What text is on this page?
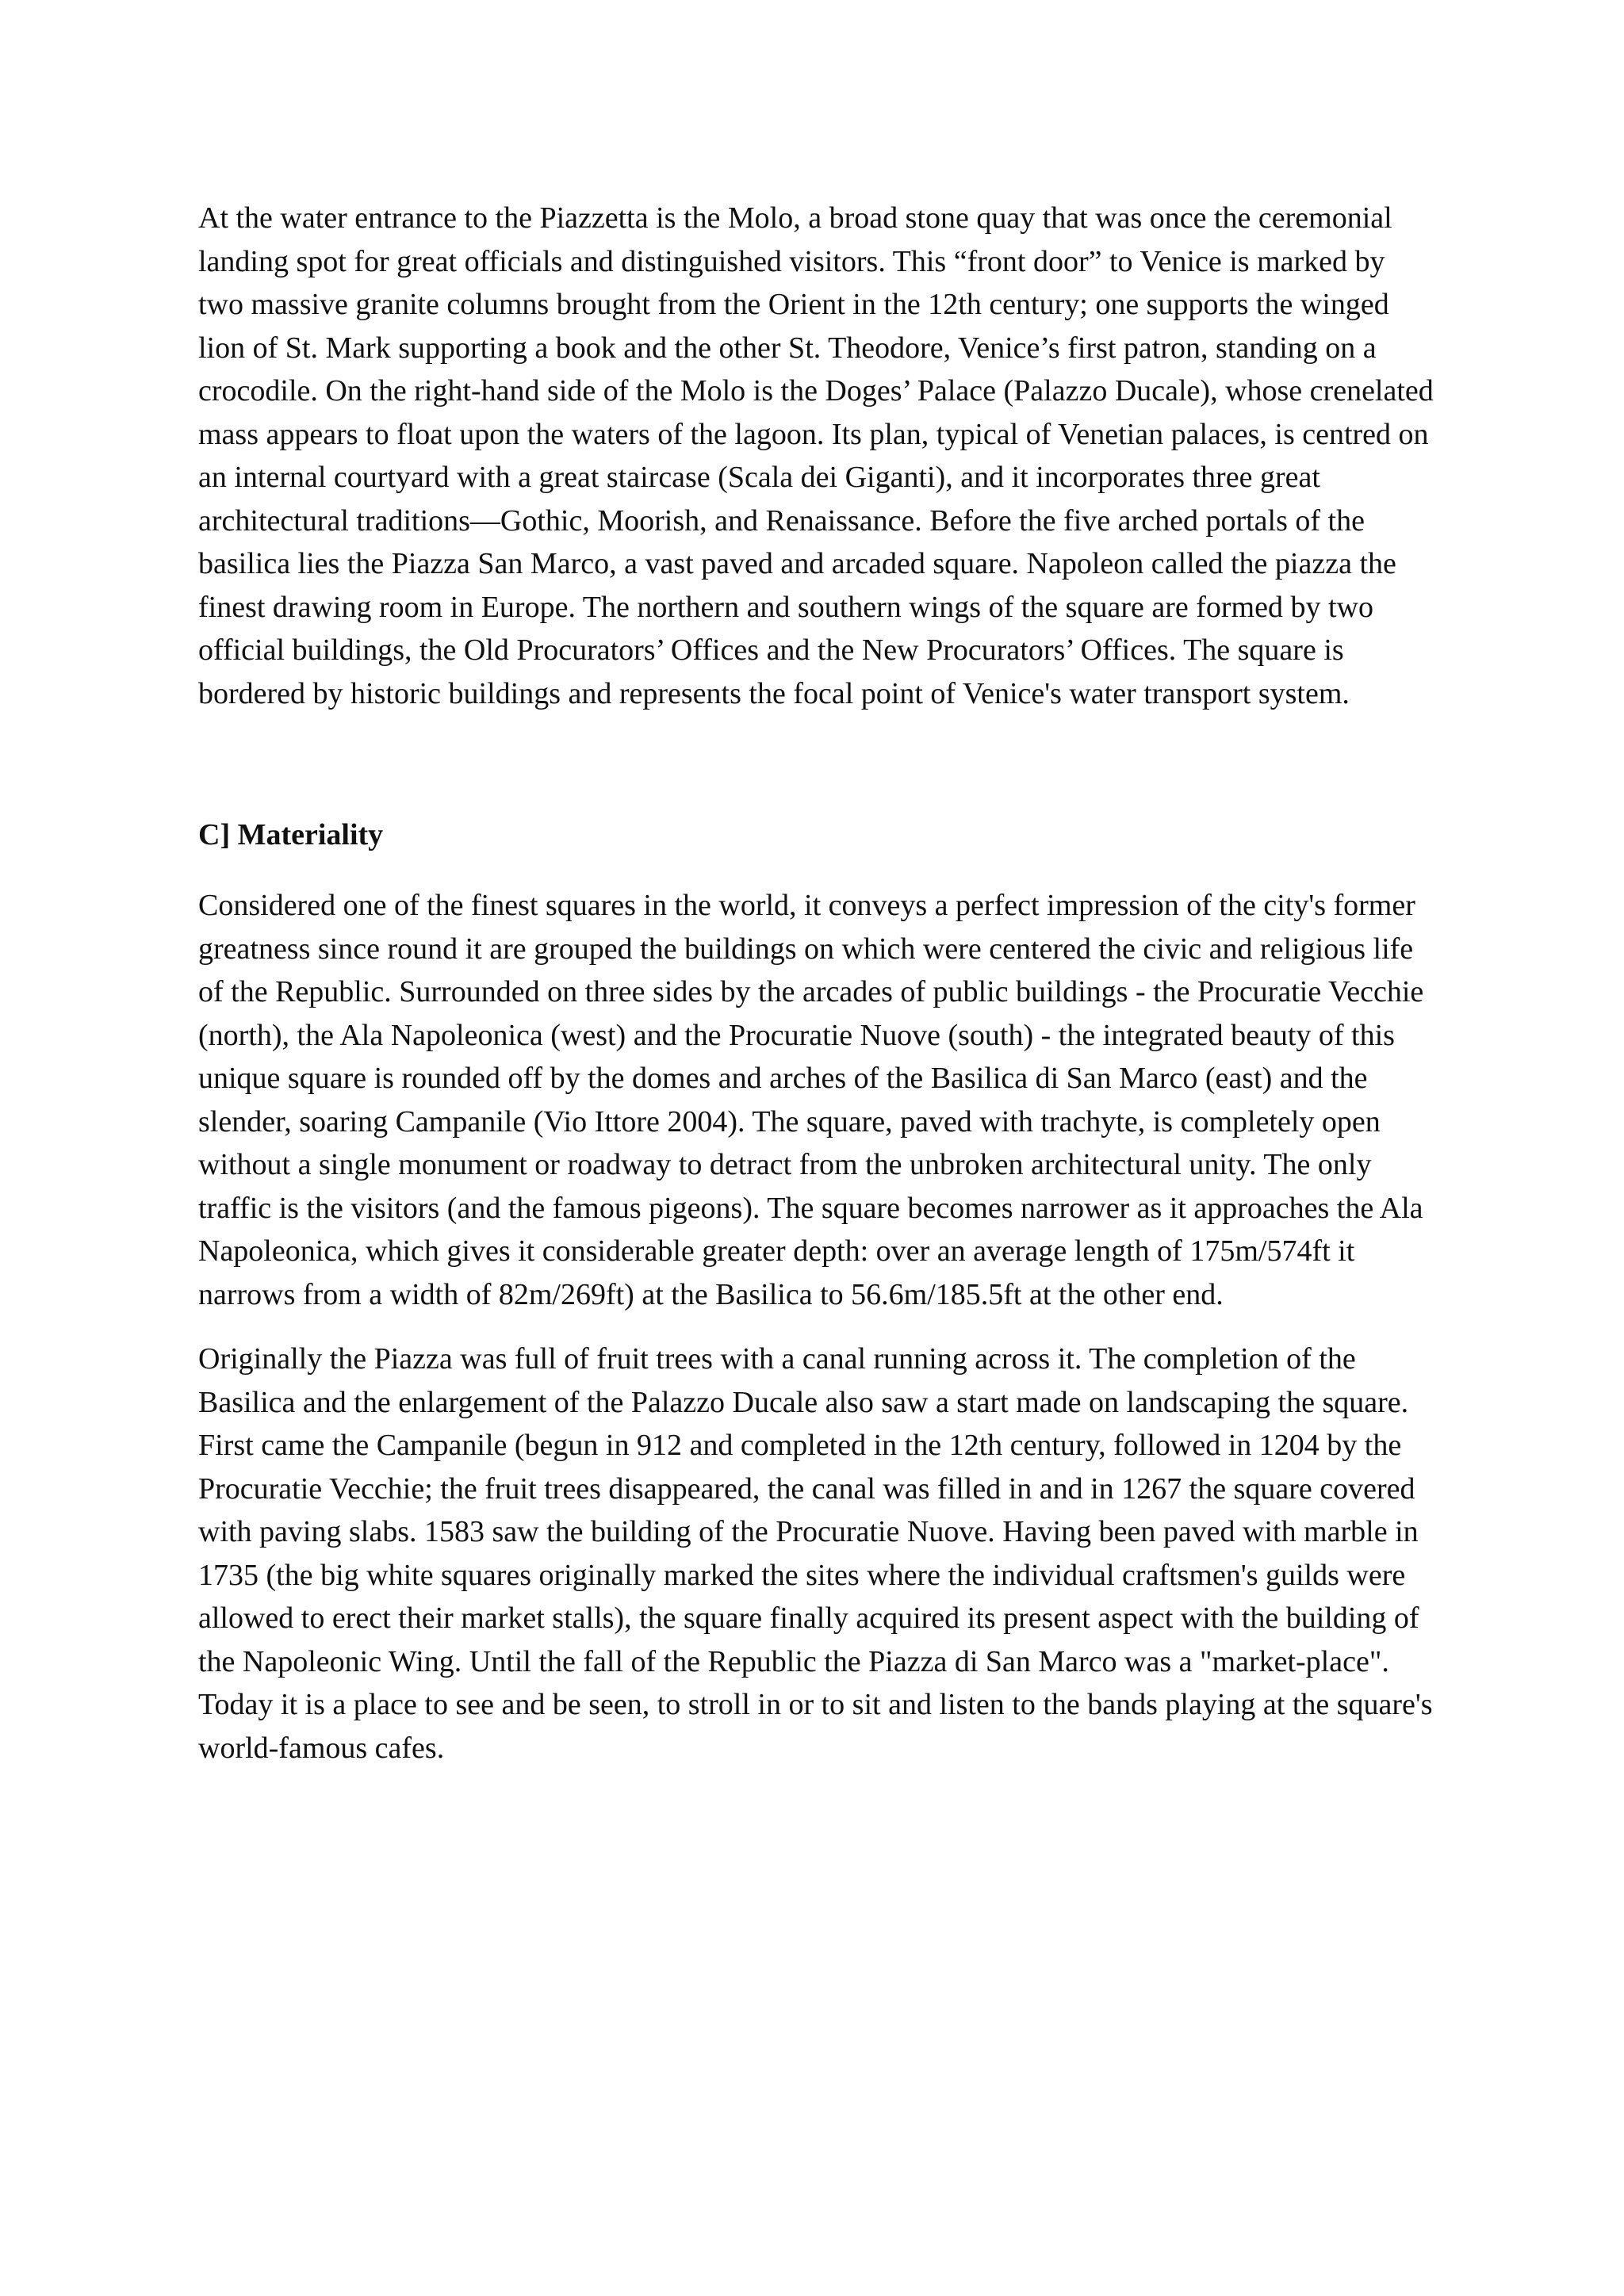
At the water entrance to the Piazzetta is the Molo, a broad stone quay that was once the ceremonial landing spot for great officials and distinguished visitors. This “front door” to Venice is marked by two massive granite columns brought from the Orient in the 12th century; one supports the winged lion of St. Mark supporting a book and the other St. Theodore, Venice’s first patron, standing on a crocodile. On the right-hand side of the Molo is the Doges’ Palace (Palazzo Ducale), whose crenelated mass appears to float upon the waters of the lagoon. Its plan, typical of Venetian palaces, is centred on an internal courtyard with a great staircase (Scala dei Giganti), and it incorporates three great architectural traditions—Gothic, Moorish, and Renaissance. Before the five arched portals of the basilica lies the Piazza San Marco, a vast paved and arcaded square. Napoleon called the piazza the finest drawing room in Europe. The northern and southern wings of the square are formed by two official buildings, the Old Procurators’ Offices and the New Procurators’ Offices. The square is bordered by historic buildings and represents the focal point of Venice's water transport system.

C] Materiality

Considered one of the finest squares in the world, it conveys a perfect impression of the city's former greatness since round it are grouped the buildings on which were centered the civic and religious life of the Republic. Surrounded on three sides by the arcades of public buildings - the Procuratie Vecchie (north), the Ala Napoleonica (west) and the Procuratie Nuove (south) - the integrated beauty of this unique square is rounded off by the domes and arches of the Basilica di San Marco (east) and the slender, soaring Campanile (Vio Ittore 2004). The square, paved with trachyte, is completely open without a single monument or roadway to detract from the unbroken architectural unity. The only traffic is the visitors (and the famous pigeons). The square becomes narrower as it approaches the Ala Napoleonica, which gives it considerable greater depth: over an average length of 175m/574ft it narrows from a width of 82m/269ft) at the Basilica to 56.6m/185.5ft at the other end.

Originally the Piazza was full of fruit trees with a canal running across it. The completion of the Basilica and the enlargement of the Palazzo Ducale also saw a start made on landscaping the square. First came the Campanile (begun in 912 and completed in the 12th century, followed in 1204 by the Procuratie Vecchie; the fruit trees disappeared, the canal was filled in and in 1267 the square covered with paving slabs. 1583 saw the building of the Procuratie Nuove. Having been paved with marble in 1735 (the big white squares originally marked the sites where the individual craftsmen's guilds were allowed to erect their market stalls), the square finally acquired its present aspect with the building of the Napoleonic Wing. Until the fall of the Republic the Piazza di San Marco was a "market-place". Today it is a place to see and be seen, to stroll in or to sit and listen to the bands playing at the square's world-famous cafes.
